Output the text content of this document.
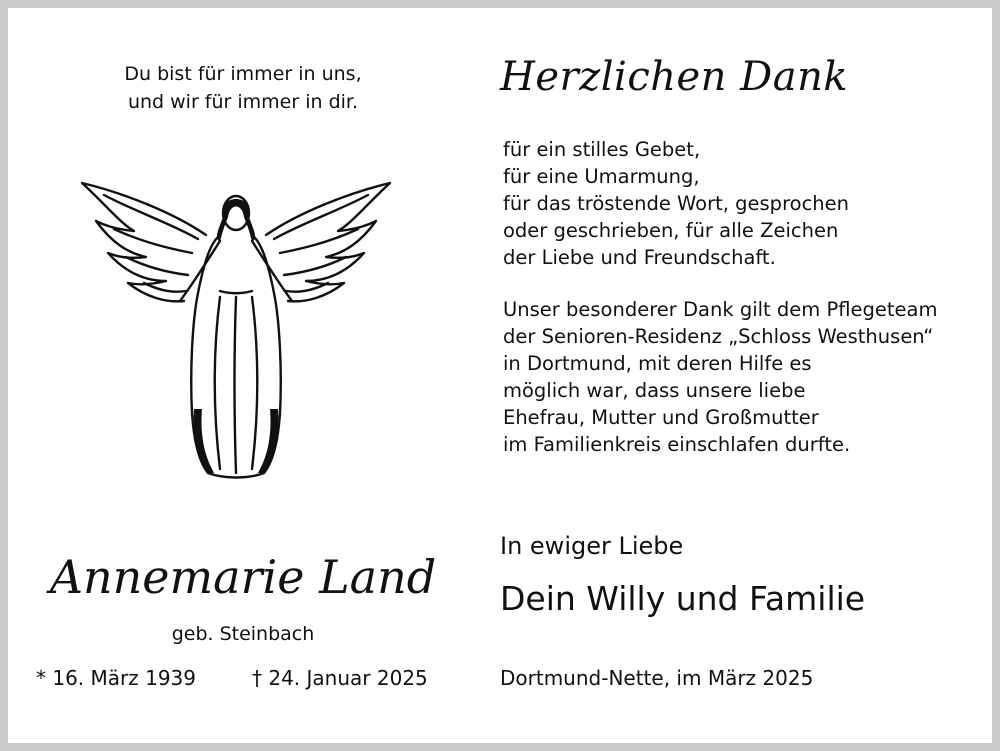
Du bist für immer in uns,
und wir für immer in dir.
Herzlichen Dank
für ein stilles Gebet,
für eine Umarmung,
für das tröstende Wort, gesprochen
oder geschrieben, für alle Zeichen
der Liebe und Freundschaft.
Unser besonderer Dank gilt dem Pflegeteam
der Senioren-Residenz „Schloss Westhusen“
in Dortmund, mit deren Hilfe es
möglich war, dass unsere liebe
Ehefrau, Mutter und Großmutter
im Familienkreis einschlafen durfte.
Annemarie Land
geb. Steinbach
* 16. März 1939	† 24. Januar 2025
In ewiger Liebe
Dein Willy und Familie
Dortmund-Nette, im März 2025
